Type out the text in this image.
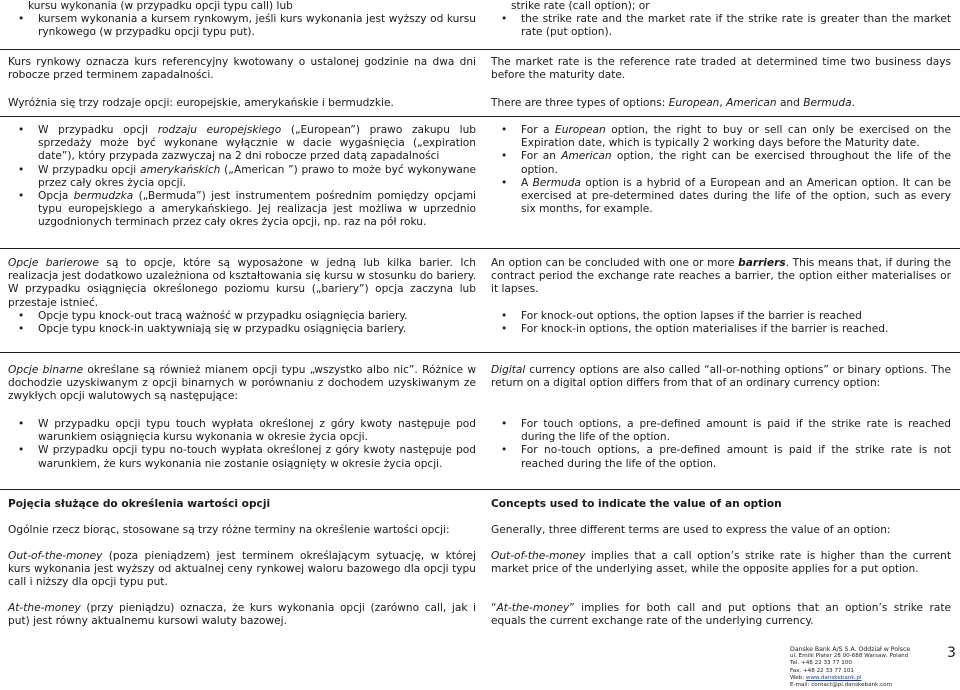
kursu wykonania (w przypadku opcji typu call) lub

• kursem wykonania a kursem rynkowym, jeśli kurs wykonania jest wyższy od kursu rynkowego (w przypadku opcji typu put).

Kurs rynkowy oznacza kurs referencyjny kwotowany o ustalonej godzinie na dwa dni robocze przed terminem zapadalności.

Wyróżnia się trzy rodzaje opcji: europejskie, amerykańskie i bermudzkie.

• W przypadku opcji rodzaju europejskiego („European”) prawo zakupu lub sprzedaży może być wykonane wyłącznie w dacie wygaśnięcia („expiration date”), który przypada zazwyczaj na 2 dni robocze przed datą zapadalności
• W przypadku opcji amerykańskich („American ”) prawo to może być wykonywane przez cały okres życia opcji.
• Opcja bermudzka („Bermuda”) jest instrumentem pośrednim pomiędzy opcjami typu europejskiego a amerykańskiego. Jej realizacja jest możliwa w uprzednio uzgodnionych terminach przez cały okres życia opcji, np. raz na pół roku.

Opcje barierowe są to opcje, które są wyposażone w jedną lub kilka barier. Ich realizacja jest dodatkowo uzależniona od kształtowania się kursu w stosunku do bariery. W przypadku osiągnięcia określonego poziomu kursu („bariery”) opcja zaczyna lub przestaje istnieć.

• Opcje typu knock-out tracą ważność w przypadku osiągnięcia bariery.
• Opcje typu knock-in uaktywniają się w przypadku osiągnięcia bariery.

Opcje binarne określane są również mianem opcji typu „wszystko albo nic”. Różnice w dochodzie uzyskiwanym z opcji binarnych w porównaniu z dochodem uzyskiwanym ze zwykłych opcji walutowych są następujące:

• W przypadku opcji typu touch wypłata określonej z góry kwoty następuje pod warunkiem osiągnięcia kursu wykonania w okresie życia opcji.
• W przypadku opcji typu no-touch wypłata określonej z góry kwoty następuje pod warunkiem, że kurs wykonania nie zostanie osiągnięty w okresie życia opcji.

Pojęcia służące do określenia wartości opcji

Ogólnie rzecz biorąc, stosowane są trzy różne terminy na określenie wartości opcji:

Out-of-the-money (poza pieniądzem) jest terminem określającym sytuację, w której kurs wykonania jest wyższy od aktualnej ceny rynkowej waloru bazowego dla opcji typu call i niższy dla opcji typu put.

At-the-money (przy pieniądzu) oznacza, że kurs wykonania opcji (zarówno call, jak i put) jest równy aktualnemu kursowi waluty bazowej.

strike rate (call option); or

• the strike rate and the market rate if the strike rate is greater than the market rate (put option).

The market rate is the reference rate traded at determined time two business days before the maturity date.

There are three types of options: European, American and Bermuda.

• For a European option, the right to buy or sell can only be exercised on the Expiration date, which is typically 2 working days before the Maturity date.
• For an American option, the right can be exercised throughout the life of the option.
• A Bermuda option is a hybrid of a European and an American option. It can be exercised at pre-determined dates during the life of the option, such as every six months, for example.

An option can be concluded with one or more barriers. This means that, if during the contract period the exchange rate reaches a barrier, the option either materialises or it lapses.

• For knock-out options, the option lapses if the barrier is reached
• For knock-in options, the option materialises if the barrier is reached.

Digital currency options are also called “all-or-nothing options” or binary options. The return on a digital option differs from that of an ordinary currency option:

• For touch options, a pre-defined amount is paid if the strike rate is reached during the life of the option.
• For no-touch options, a pre-defined amount is paid if the strike rate is not reached during the life of the option.

Concepts used to indicate the value of an option

Generally, three different terms are used to express the value of an option:

Out-of-the-money implies that a call option’s strike rate is higher than the current market price of the underlying asset, while the opposite applies for a put option.

“At-the-money” implies for both call and put options that an option’s strike rate equals the current exchange rate of the underlying currency.

Danske Bank A/S S.A. Oddział w Polsce
ul. Emilii Plater 28 00-688 Warsaw, Poland
Tel. +48 22 33 77 100
Fax. +48 22 33 77 101
Web: www.danskebank.pl
E-mail: contact@pl.danskebank.com
3
